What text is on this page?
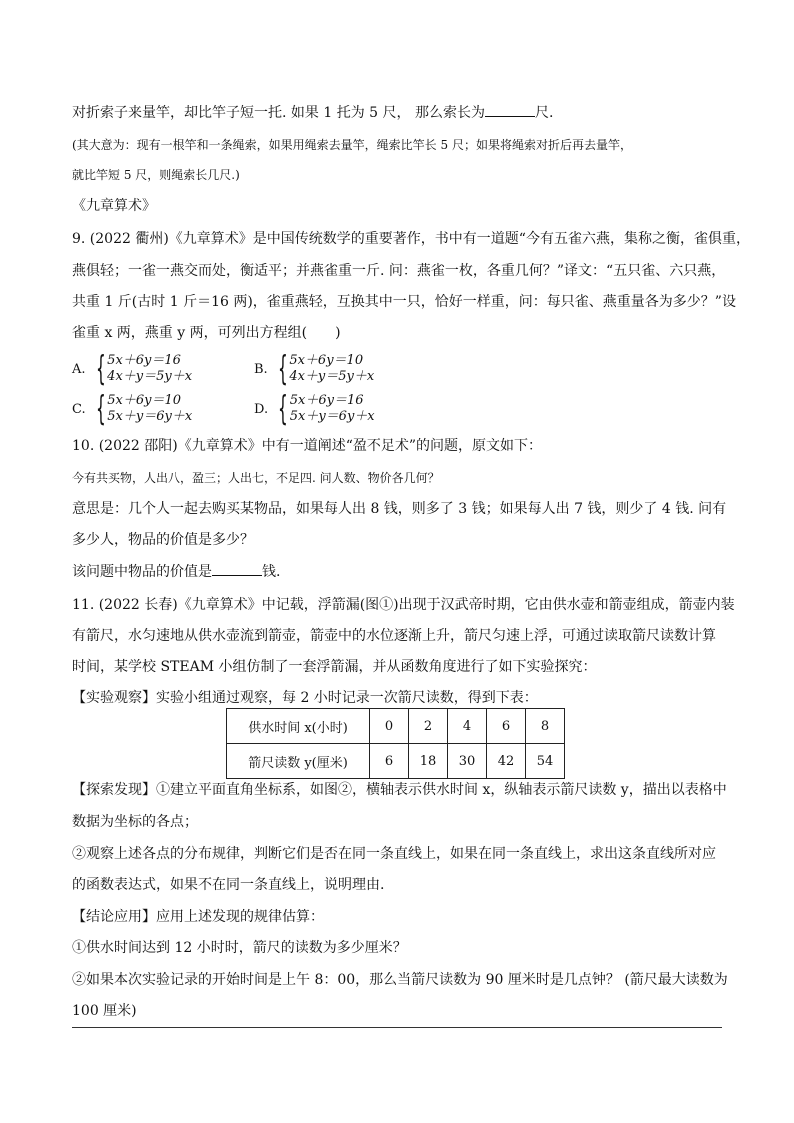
对折索子来量竿，却比竿子短一托. 如果 1 托为 5 尺， 那么索长为	尺.
(其大意为：现有一根竿和一条绳索，如果用绳索去量竿，绳索比竿长 5 尺；如果将绳索对折后再去量竿，
就比竿短 5 尺，则绳索长几尺.)
《九章算术》
9. (2022 衢州)《九章算术》是中国传统数学的重要著作，书中有一道题“今有五雀六燕，集称之衡，雀俱重，
燕俱轻；一雀一燕交而处，衡适平；并燕雀重一斤. 问：燕雀一枚，各重几何？”译文：“五只雀、六只燕，
共重 1 斤(古时 1 斤＝16 两)，雀重燕轻，互换其中一只，恰好一样重，问：每只雀、燕重量各为多少？”设
雀重 x 两，燕重 y 两，可列出方程组(　　)
A. { 5x＋6y＝16
4x＋y＝5y＋x	B. { 5x＋6y＝10
4x＋y＝5y＋x
C. { 5x＋6y＝10
5x＋y＝6y＋x	D. { 5x＋6y＝16
5x＋y＝6y＋x
10. (2022 邵阳)《九章算术》中有一道阐述“盈不足术”的问题，原文如下：
今有共买物，人出八，盈三；人出七，不足四. 问人数、物价各几何？
意思是：几个人一起去购买某物品，如果每人出 8 钱，则多了 3 钱；如果每人出 7 钱，则少了 4 钱. 问有
多少人，物品的价值是多少？
该问题中物品的价值是	钱.
11. (2022 长春)《九章算术》中记载，浮箭漏(图①)出现于汉武帝时期，它由供水壶和箭壶组成，箭壶内装
有箭尺，水匀速地从供水壶流到箭壶，箭壶中的水位逐渐上升，箭尺匀速上浮，可通过读取箭尺读数计算
时间，某学校 STEAM 小组仿制了一套浮箭漏，并从函数角度进行了如下实验探究：
【实验观察】实验小组通过观察，每 2 小时记录一次箭尺读数，得到下表：
供水时间 x(小时)	0	2	4	6	8
箭尺读数 y(厘米)	6	18	30	42	54
【探索发现】①建立平面直角坐标系，如图②，横轴表示供水时间 x，纵轴表示箭尺读数 y，描出以表格中
数据为坐标的各点；
②观察上述各点的分布规律，判断它们是否在同一条直线上，如果在同一条直线上，求出这条直线所对应
的函数表达式，如果不在同一条直线上，说明理由.
【结论应用】应用上述发现的规律估算：
①供水时间达到 12 小时时，箭尺的读数为多少厘米？
②如果本次实验记录的开始时间是上午 8：00，那么当箭尺读数为 90 厘米时是几点钟？ (箭尺最大读数为
100 厘米)
